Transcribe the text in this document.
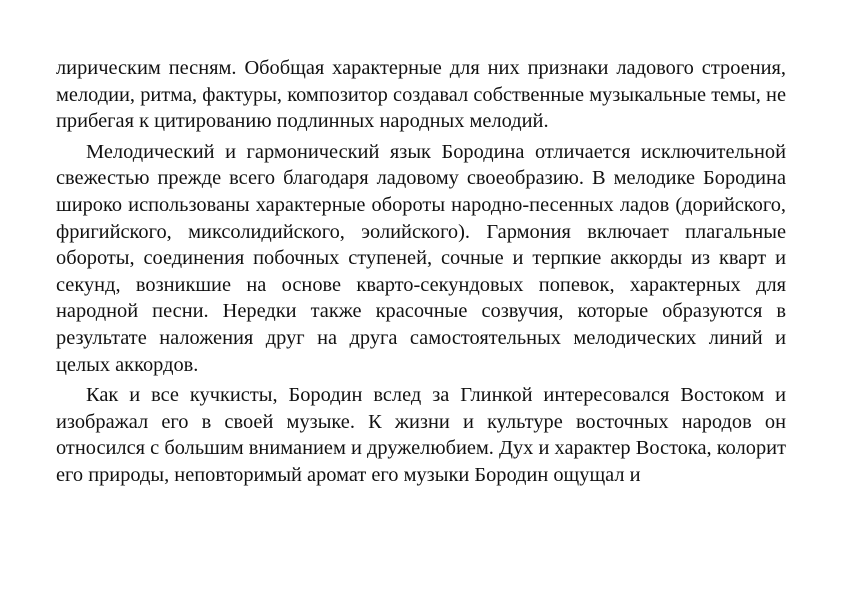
лирическим песням. Обобщая характерные для них признаки ладового строения, мелодии, ритма, фактуры, композитор создавал собственные музыкальные темы, не прибегая к цитированию подлинных народных мелодий.

Мелодический и гармонический язык Бородина отличается исключительной свежестью прежде всего благодаря ладовому своеобразию. В мелодике Бородина широко использованы характерные обороты народно-песенных ладов (дорийского, фригийского, миксолидийского, эолийского). Гармония включает плагальные обороты, соединения побочных ступеней, сочные и терпкие аккорды из кварт и секунд, возникшие на основе кварто-секундовых попевок, характерных для народной песни. Нередки также красочные созвучия, которые образуются в результате наложения друг на друга самостоятельных мелодических линий и целых аккордов.

Как и все кучкисты, Бородин вслед за Глинкой интересовался Востоком и изображал его в своей музыке. К жизни и культуре восточных народов он относился с большим вниманием и дружелюбием. Дух и характер Востока, колорит его природы, неповторимый аромат его музыки Бородин ощущал и
